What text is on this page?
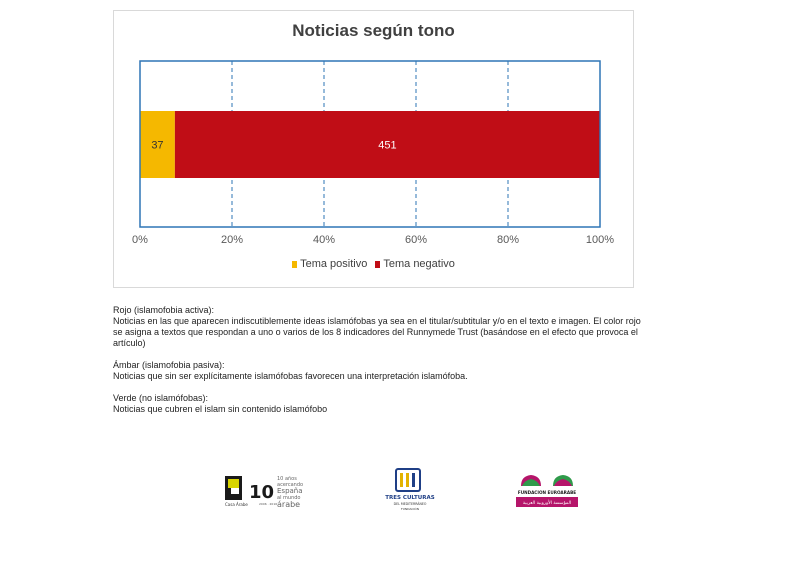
Noticias según tono
37	451
0%	20%	40%	60%	80%	100%
Tema positivo Tema negativo
Rojo (islamofobia activa):
Noticias en las que aparecen indiscutiblemente ideas islamófobas ya sea en el titular/subtitular y/o en el texto e imagen. El color rojo
se asigna a textos que respondan a uno o varios de los 8 indicadores del Runnymede Trust (basándose en el efecto que provoca el
artículo)
Ámbar (islamofobia pasiva):
Noticias que sin ser explícitamente islamófobas favorecen una interpretación islamófoba.
Verde (no islamófobas):
Noticias que cubren el islam sin contenido islamófobo
Casa Árabe
10
2006 · 2016
10 años
acercando
España
al mundo
árabe
TRES CULTURAS
DEL MEDITERRÁNEO
FUNDACIÓN
FUNDACION EUROARABE
المؤسسة الأوروبية العربية
